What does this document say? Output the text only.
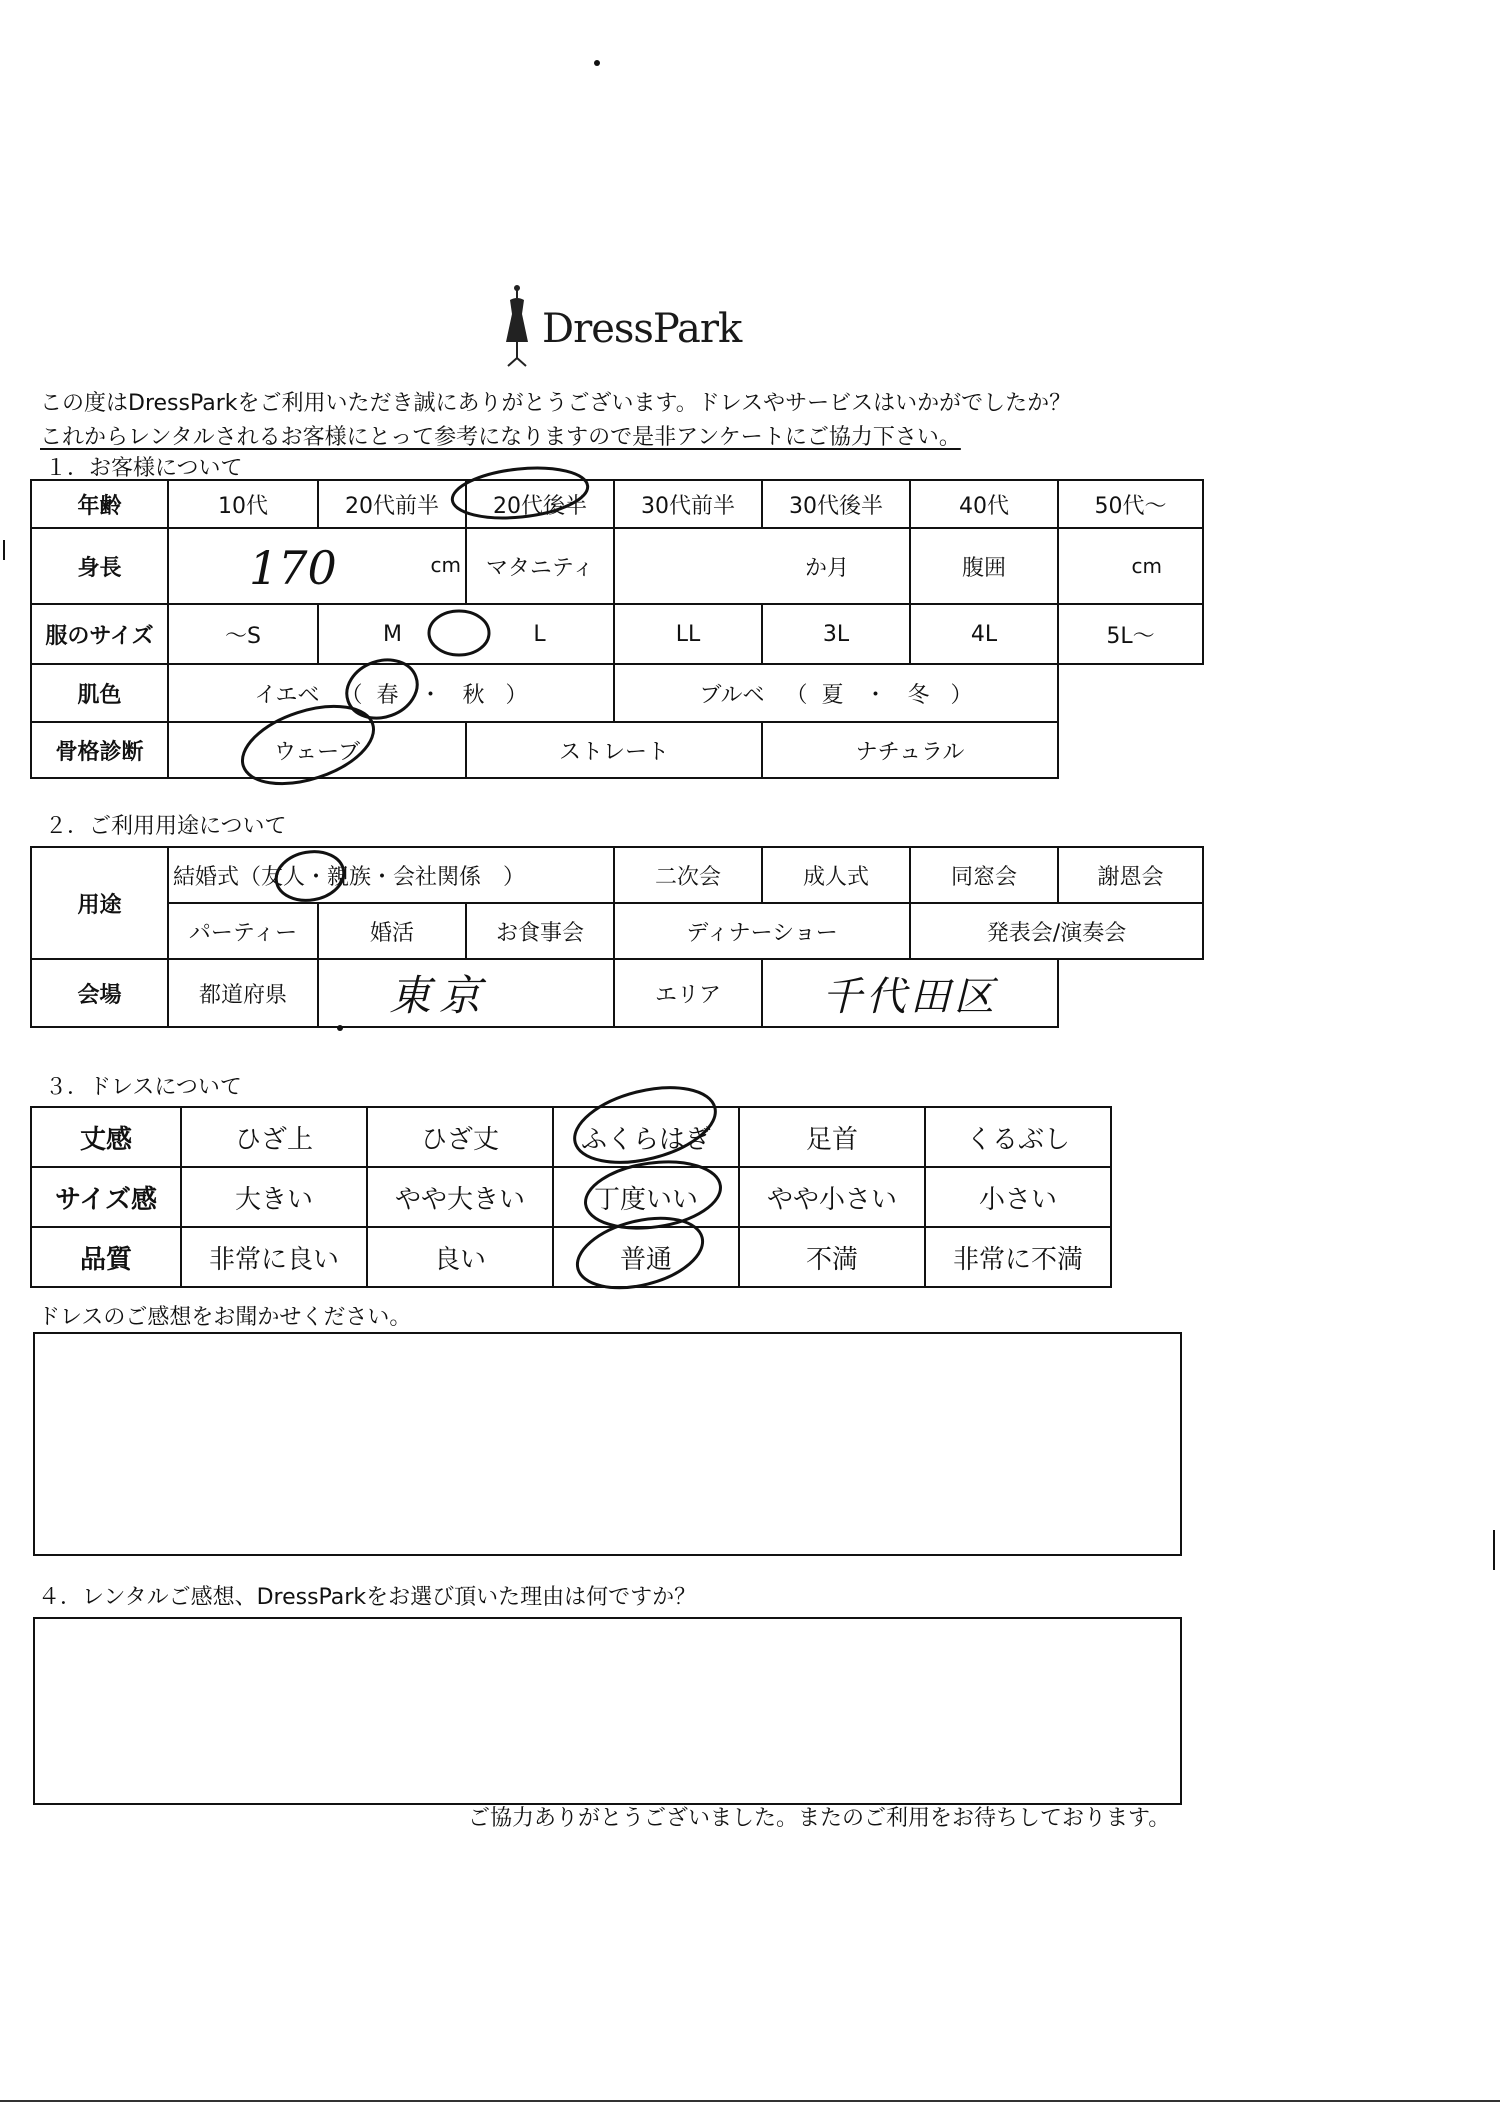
DressPark
この度はDressParkをご利用いただき誠にありがとうございます。ドレスやサービスはいかがでしたか？
これからレンタルされるお客様にとって参考になりますので是非アンケートにご協力下さい。
１．お客様について
年齢	10代	20代前半	20代後半	30代前半	30代後半	40代	50代～
身長	170 cm		マタニティ	か月		腹囲	cm
服のサイズ	～S	M	L	LL	3L	4L	5L～
肌色	イエベ （ 春 ・ 秋 ）			ブルベ （ 夏 ・ 冬 ）			
骨格診断	ウェーブ		ストレート		ナチュラル		
２．ご利用用途について
用途	結婚式（友人・親族・会社関係　）			二次会	成人式	同窓会	謝恩会
	パーティー	婚活	お食事会	ディナーショー		発表会/演奏会	
会場	都道府県	東京		エリア	千代田区		
３．ドレスについて
丈感	ひざ上	ひざ丈	ふくらはぎ	足首	くるぶし
サイズ感	大きい	やや大きい	丁度いい	やや小さい	小さい
品質	非常に良い	良い	普通	不満	非常に不満
ドレスのご感想をお聞かせください。
４．レンタルご感想、DressParkをお選び頂いた理由は何ですか？
ご協力ありがとうございました。またのご利用をお待ちしております。
